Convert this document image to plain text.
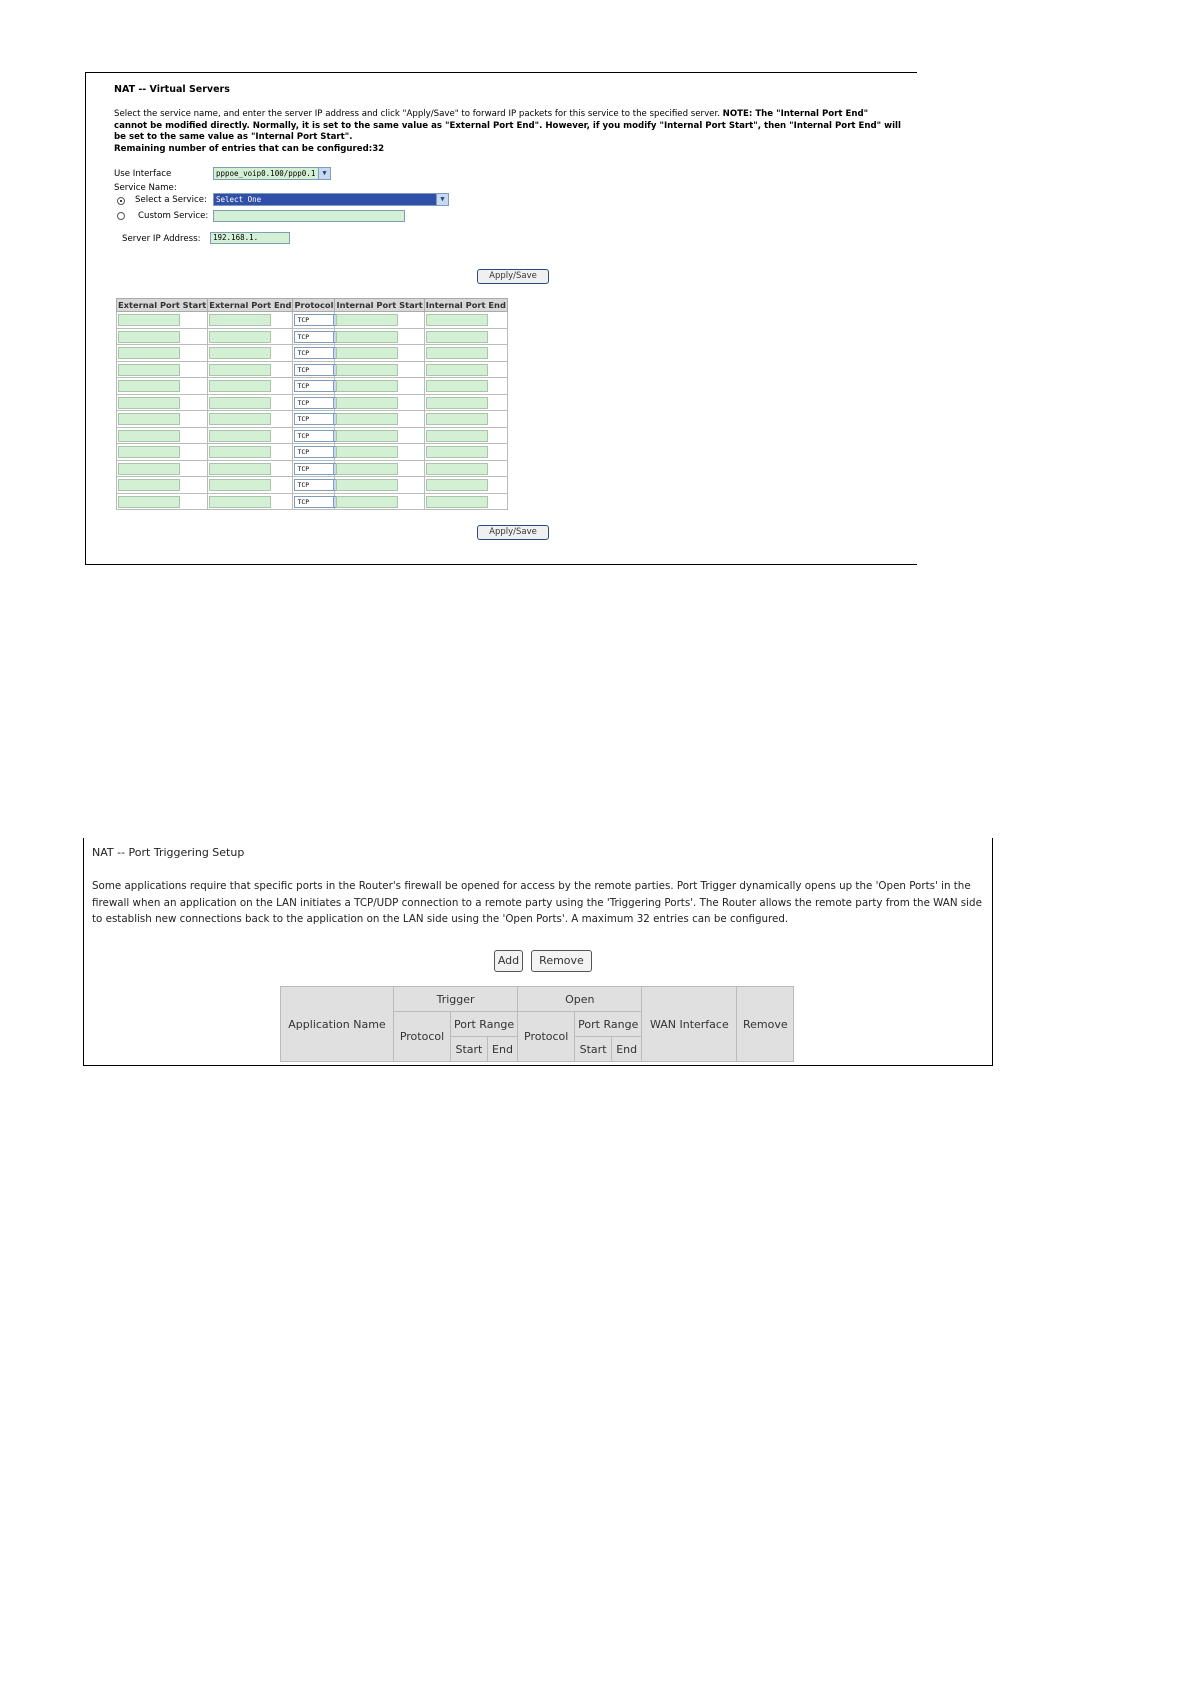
NAT -- Virtual Servers
Select the service name, and enter the server IP address and click "Apply/Save" to forward IP packets for this service to the specified server. NOTE: The "Internal Port End" cannot be modified directly. Normally, it is set to the same value as "External Port End". However, if you modify "Internal Port Start", then "Internal Port End" will be set to the same value as "Internal Port Start".
Remaining number of entries that can be configured:32
Use Interface	pppoe_voip0.100/ppp0.1	▼
Service Name:
Select a Service:	Select One	▼
Custom Service:
Server IP Address:	192.168.1.
Apply/Save
External Port Start	External Port End	Protocol	Internal Port Start	Internal Port End

		TCP		

		TCP		

		TCP		

		TCP		

		TCP		

		TCP		

		TCP		

		TCP		

		TCP		

		TCP		

		TCP		

		TCP		

Apply/Save
NAT -- Port Triggering Setup
Some applications require that specific ports in the Router's firewall be opened for access by the remote parties. Port Trigger dynamically opens up the 'Open Ports' in the firewall when an application on the LAN initiates a TCP/UDP connection to a remote party using the 'Triggering Ports'. The Router allows the remote party from the WAN side to establish new connections back to the application on the LAN side using the 'Open Ports'. A maximum 32 entries can be configured.
Add	Remove
Application Name	Trigger			Open			WAN Interface	Remove
	Protocol	Port Range		Protocol	Port Range			
		Start	End		Start	End		
